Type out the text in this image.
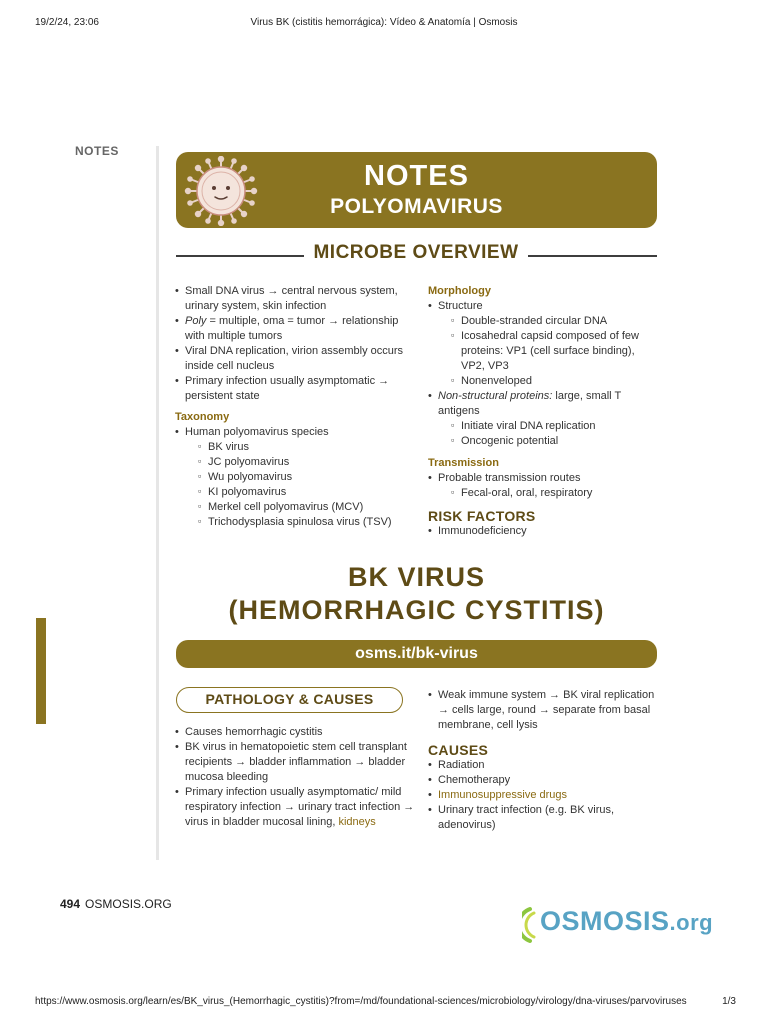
19/2/24, 23:06	Virus BK (cistitis hemorrágica): Vídeo & Anatomía | Osmosis
NOTES
NOTES
POLYOMAVIRUS
MICROBE OVERVIEW
• Small DNA virus → central nervous system, urinary system, skin infection
• Poly = multiple, oma = tumor → relationship with multiple tumors
• Viral DNA replication, virion assembly occurs inside cell nucleus
• Primary infection usually asymptomatic → persistent state
Taxonomy
• Human polyomavirus species
▫ BK virus
▫ JC polyomavirus
▫ Wu polyomavirus
▫ KI polyomavirus
▫ Merkel cell polyomavirus (MCV)
▫ Trichodysplasia spinulosa virus (TSV)
Morphology
• Structure
▫ Double-stranded circular DNA
▫ Icosahedral capsid composed of few proteins: VP1 (cell surface binding), VP2, VP3
▫ Nonenveloped
• Non-structural proteins: large, small T antigens
▫ Initiate viral DNA replication
▫ Oncogenic potential
Transmission
• Probable transmission routes
▫ Fecal-oral, oral, respiratory
RISK FACTORS
• Immunodeficiency
BK VIRUS
(HEMORRHAGIC CYSTITIS)
osms.it/bk-virus
PATHOLOGY & CAUSES
• Causes hemorrhagic cystitis
• BK virus in hematopoietic stem cell transplant recipients → bladder inflammation → bladder mucosa bleeding
• Primary infection usually asymptomatic/ mild respiratory infection → urinary tract infection → virus in bladder mucosal lining, kidneys
• Weak immune system → BK viral replication → cells large, round → separate from basal membrane, cell lysis
CAUSES
• Radiation
• Chemotherapy
• Immunosuppressive drugs
• Urinary tract infection (e.g. BK virus, adenovirus)
494 OSMOSIS.ORG
OSMOSIS.org
https://www.osmosis.org/learn/es/BK_virus_(Hemorrhagic_cystitis)?from=/md/foundational-sciences/microbiology/virology/dna-viruses/parvoviruses	1/3
